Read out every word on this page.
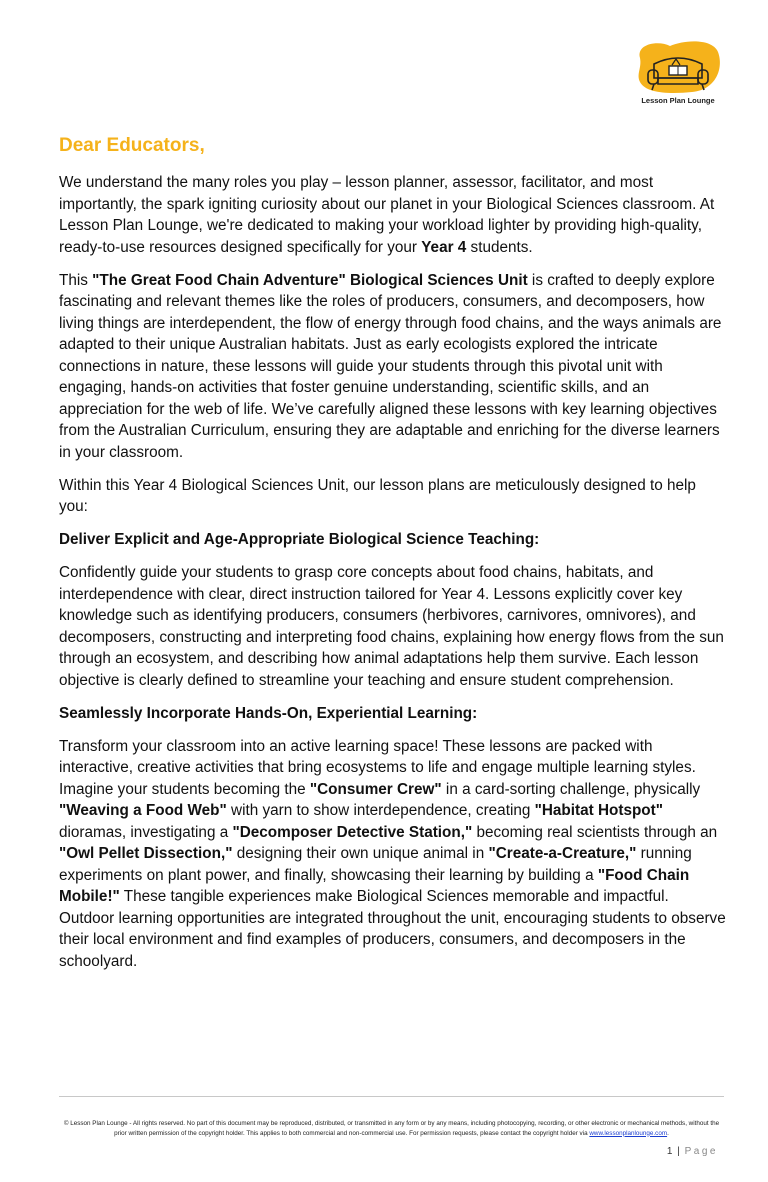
Lesson Plan Lounge
Dear Educators,

We understand the many roles you play – lesson planner, assessor, facilitator, and most importantly, the spark igniting curiosity about our planet in your Biological Sciences classroom. At Lesson Plan Lounge, we're dedicated to making your workload lighter by providing high-quality, ready-to-use resources designed specifically for your Year 4 students.

This "The Great Food Chain Adventure" Biological Sciences Unit is crafted to deeply explore fascinating and relevant themes like the roles of producers, consumers, and decomposers, how living things are interdependent, the flow of energy through food chains, and the ways animals are adapted to their unique Australian habitats. Just as early ecologists explored the intricate connections in nature, these lessons will guide your students through this pivotal unit with engaging, hands-on activities that foster genuine understanding, scientific skills, and an appreciation for the web of life. We’ve carefully aligned these lessons with key learning objectives from the Australian Curriculum, ensuring they are adaptable and enriching for the diverse learners in your classroom.

Within this Year 4 Biological Sciences Unit, our lesson plans are meticulously designed to help you:

Deliver Explicit and Age-Appropriate Biological Science Teaching:

Confidently guide your students to grasp core concepts about food chains, habitats, and interdependence with clear, direct instruction tailored for Year 4. Lessons explicitly cover key knowledge such as identifying producers, consumers (herbivores, carnivores, omnivores), and decomposers, constructing and interpreting food chains, explaining how energy flows from the sun through an ecosystem, and describing how animal adaptations help them survive. Each lesson objective is clearly defined to streamline your teaching and ensure student comprehension.

Seamlessly Incorporate Hands-On, Experiential Learning:

Transform your classroom into an active learning space! These lessons are packed with interactive, creative activities that bring ecosystems to life and engage multiple learning styles. Imagine your students becoming the "Consumer Crew" in a card-sorting challenge, physically "Weaving a Food Web" with yarn to show interdependence, creating "Habitat Hotspot" dioramas, investigating a "Decomposer Detective Station," becoming real scientists through an "Owl Pellet Dissection," designing their own unique animal in "Create-a-Creature," running experiments on plant power, and finally, showcasing their learning by building a "Food Chain Mobile!" These tangible experiences make Biological Sciences memorable and impactful. Outdoor learning opportunities are integrated throughout the unit, encouraging students to observe their local environment and find examples of producers, consumers, and decomposers in the schoolyard.

© Lesson Plan Lounge - All rights reserved. No part of this document may be reproduced, distributed, or transmitted in any form or by any means, including photocopying, recording, or other electronic or mechanical methods, without the prior written permission of the copyright holder. This applies to both commercial and non-commercial use. For permission requests, please contact the copyright holder via www.lessonplanlounge.com.
1 | Page
